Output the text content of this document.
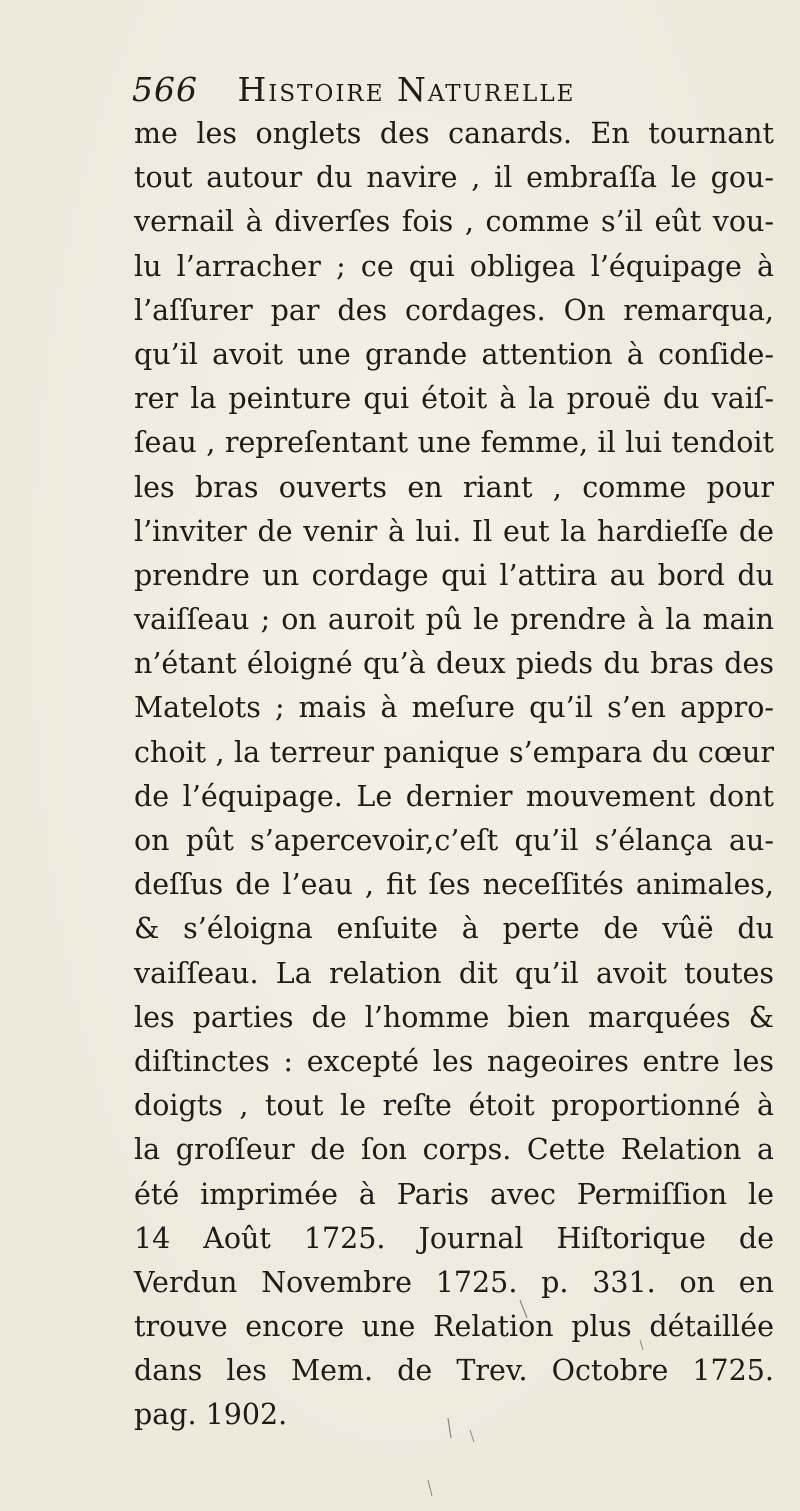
566 Histoire Naturelle
me les onglets des canards. En tournant
tout autour du navire , il embraſſa le gou-
vernail à diverſes fois , comme s’il eût vou-
lu l’arracher ; ce qui obligea l’équipage à
l’aſſurer par des cordages. On remarqua,
qu’il avoit une grande attention à conſide-
rer la peinture qui étoit à la prouë du vaiſ-
ſeau , repreſentant une femme, il lui tendoit
les bras ouverts en riant , comme pour
l’inviter de venir à lui. Il eut la hardieſſe de
prendre un cordage qui l’attira au bord du
vaiſſeau ; on auroit pû le prendre à la main
n’étant éloigné qu’à deux pieds du bras des
Matelots ; mais à meſure qu’il s’en appro-
choit , la terreur panique s’empara du cœur
de l’équipage. Le dernier mouvement dont
on pût s’apercevoir,c’eſt qu’il s’élança au-
deſſus de l’eau , fit ſes neceſſités animales,
& s’éloigna enſuite à perte de vûë du
vaiſſeau. La relation dit qu’il avoit toutes
les parties de l’homme bien marquées &
diſtinctes : excepté les nageoires entre les
doigts , tout le reſte étoit proportionné à
la groſſeur de ſon corps. Cette Relation a
été imprimée à Paris avec Permiſſion le
14 Août 1725. Journal Hiſtorique de
Verdun Novembre 1725. p. 331. on en
trouve encore une Relation plus détaillée
dans les Mem. de Trev. Octobre 1725.
pag. 1902.
